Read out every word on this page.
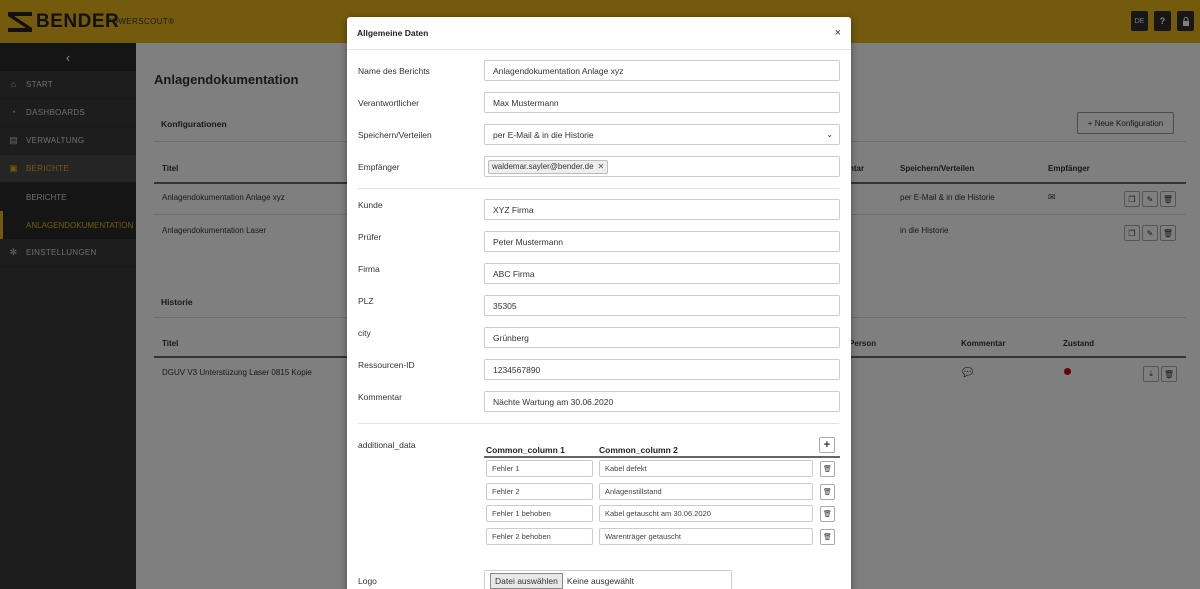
Allgemeine Daten	×
Name des Berichts	Anlagendokumentation Anlage xyz
Verantwortlicher	Max Mustermann
Speichern/Verteilen	per E-Mail & in die Historie	⌄
Empfänger	waldemar.sayler@bender.de ✕
Kunde	XYZ Firma
Prüfer	Peter Mustermann
Firma	ABC Firma
PLZ	35305
city	Grünberg
Ressourcen-ID	1234567890
Kommentar	Nächte Wartung am 30.06.2020
additional_data	Common_column 1	Common_column 2	+
Fehler 1	Kabel defekt	🗑
Fehler 2	Anlagenstillstand	🗑
Fehler 1 behoben	Kabel getauscht am 30.06.2020	🗑
Fehler 2 behoben	Warenträger getauscht	🗑
Logo	Datei auswählen	Keine ausgewählt
